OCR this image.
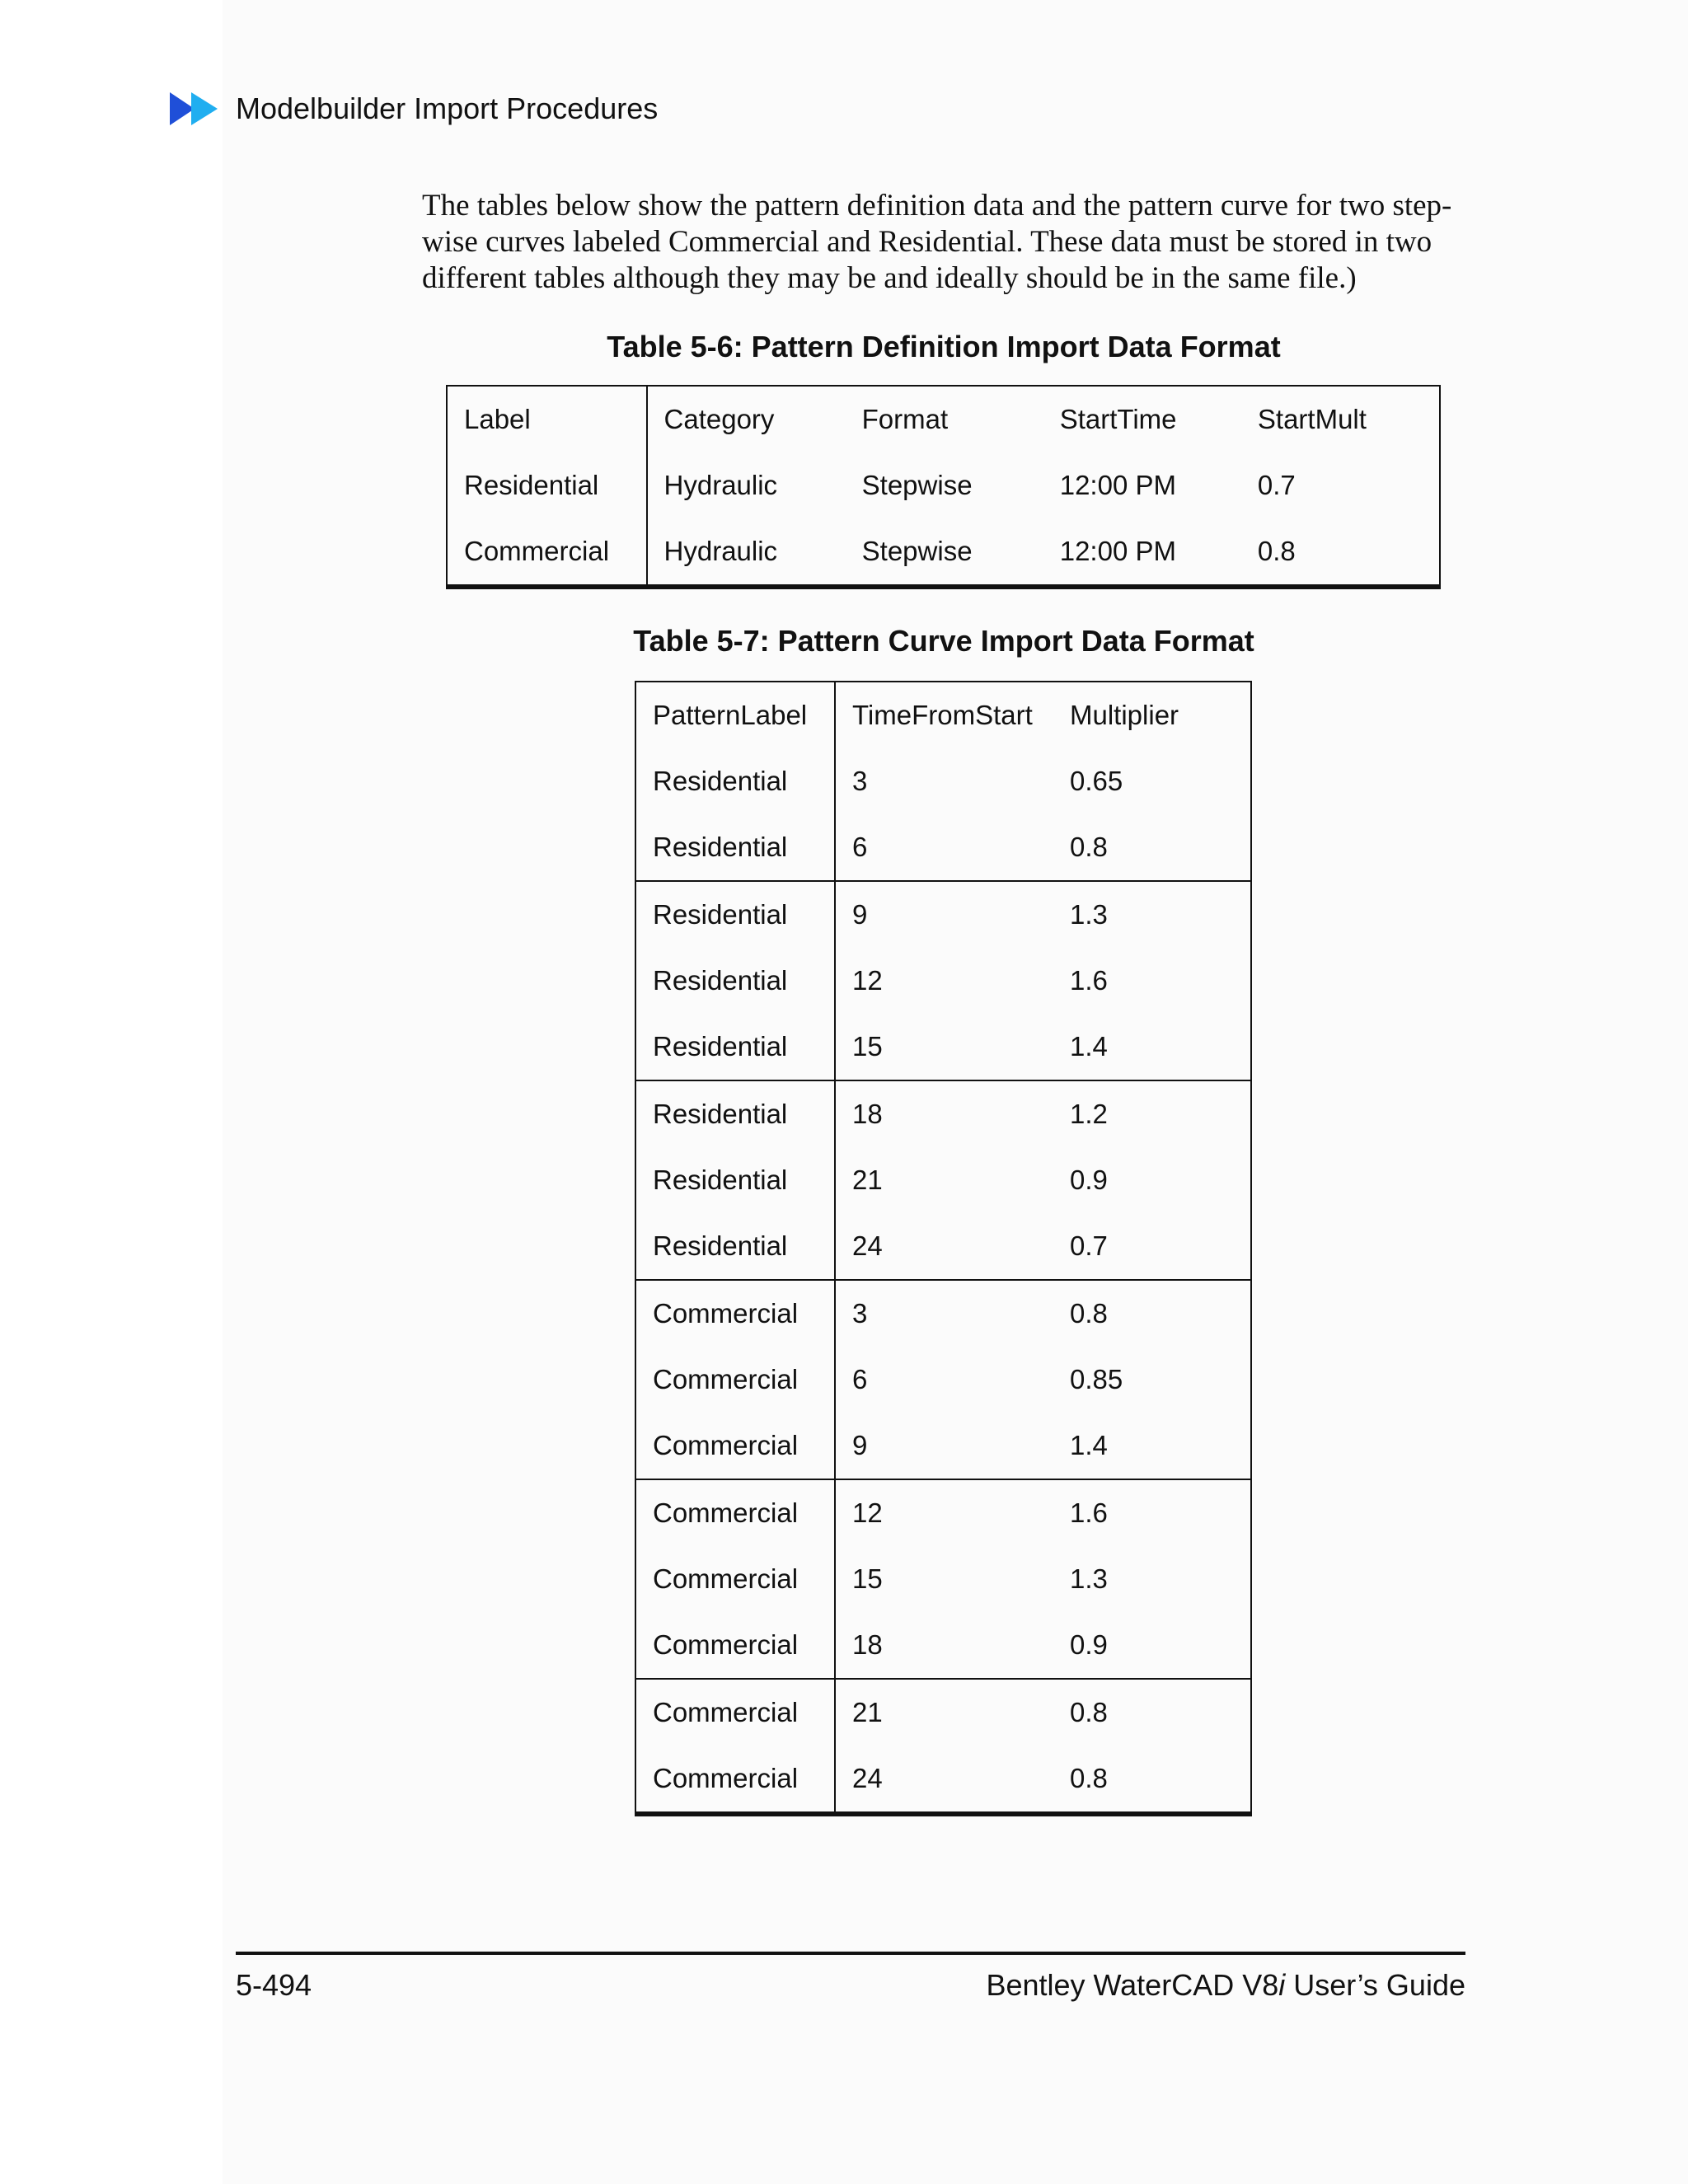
Modelbuilder Import Procedures

The tables below show the pattern definition data and the pattern curve for two step-wise curves labeled Commercial and Residential. These data must be stored in two different tables although they may be and ideally should be in the same file.)

Table 5-6: Pattern Definition Import Data Format

Label	Category	Format	StartTime	StartMult
Residential	Hydraulic	Stepwise	12:00 PM	0.7
Commercial	Hydraulic	Stepwise	12:00 PM	0.8

Table 5-7: Pattern Curve Import Data Format

PatternLabel	TimeFromStart	Multiplier
Residential	3	0.65
Residential	6	0.8
Residential	9	1.3
Residential	12	1.6
Residential	15	1.4
Residential	18	1.2
Residential	21	0.9
Residential	24	0.7
Commercial	3	0.8
Commercial	6	0.85
Commercial	9	1.4
Commercial	12	1.6
Commercial	15	1.3
Commercial	18	0.9
Commercial	21	0.8
Commercial	24	0.8
5-494	Bentley WaterCAD V8i User’s Guide
